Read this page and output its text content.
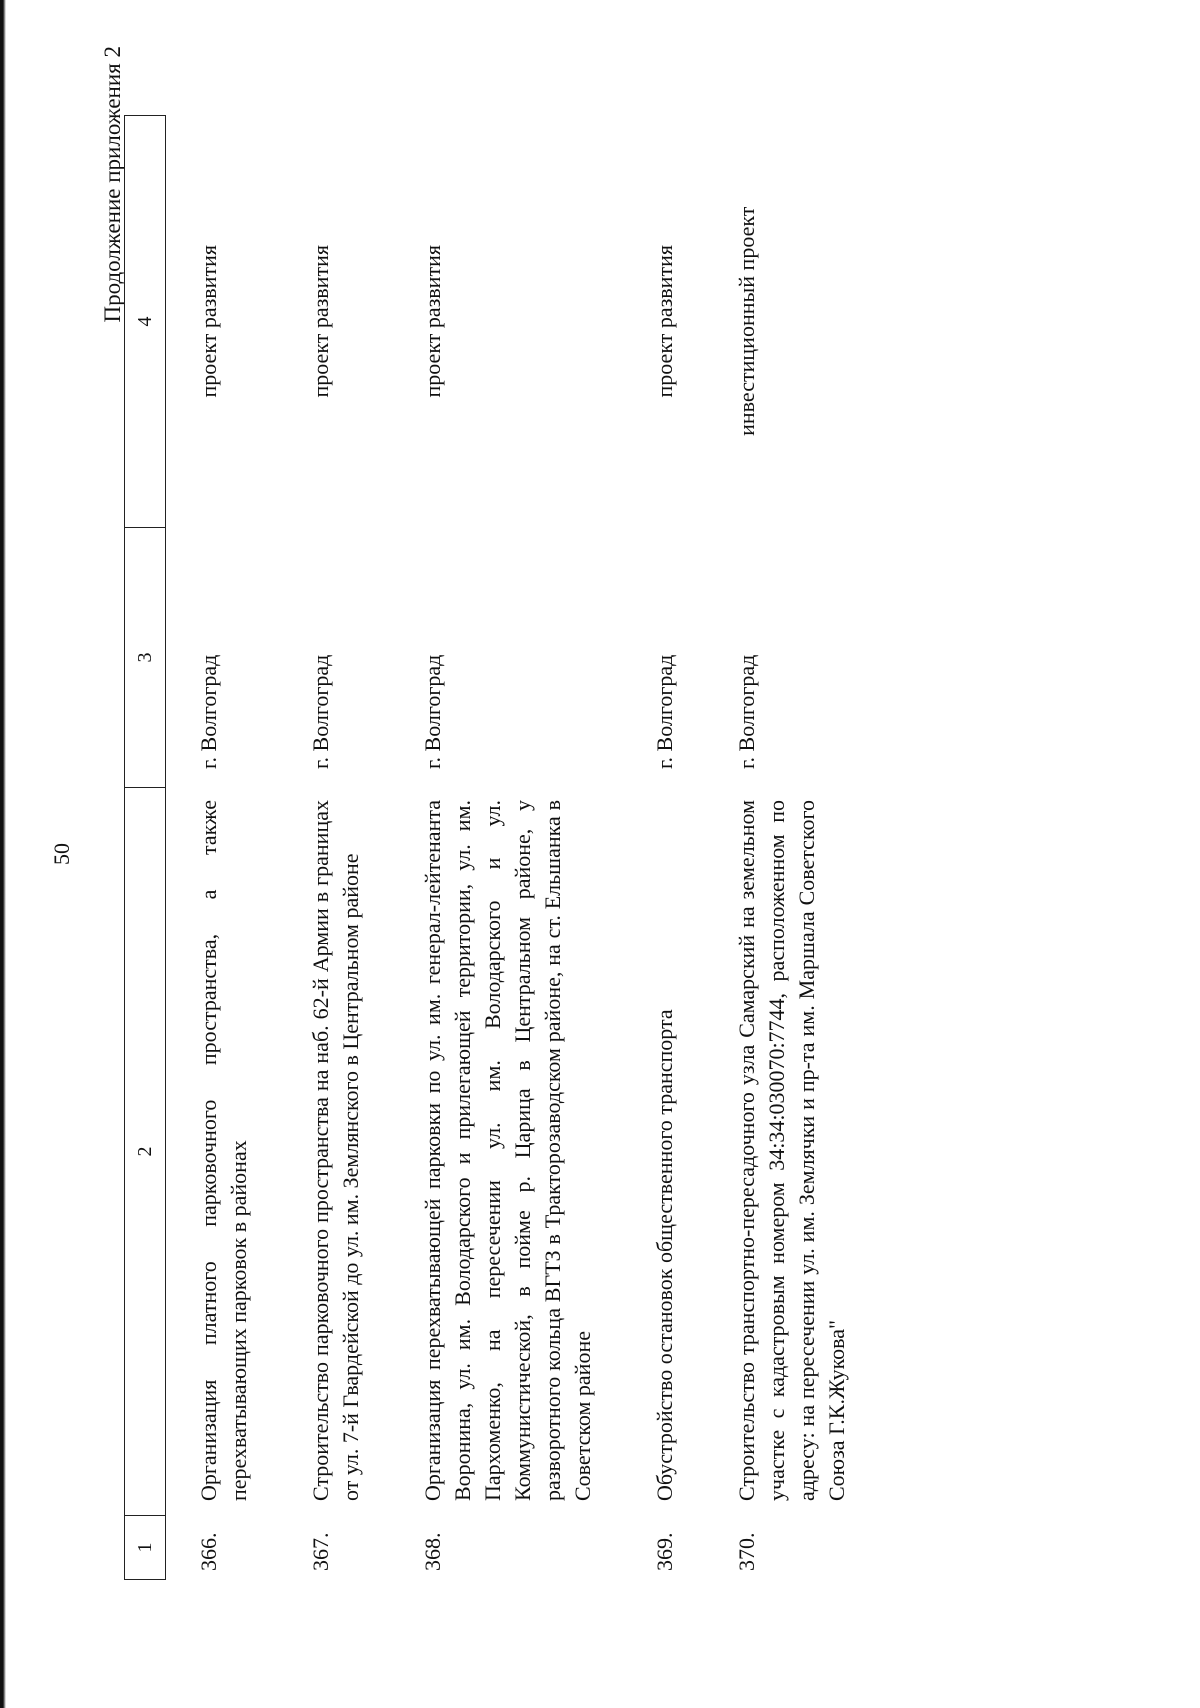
50
Продолжение приложения 2
1	2	3	4
366.	Организация платного парковочного пространства, а также перехватывающих парковок в районах	г. Волгоград	проект развития
367.	Строительство парковочного пространства на наб. 62-й Армии в границах от ул. 7-й Гвардейской до ул. им. Землянского в Центральном районе	г. Волгоград	проект развития
368.	Организация перехватывающей парковки по ул. им. генерал-лейтенанта Воронина, ул. им. Володарского и прилегающей территории, ул. им. Пархоменко, на пересечении ул. им. Володарского и ул. Коммунистической, в пойме р. Царица в Центральном районе, у разворотного кольца ВГТЗ в Тракторозаводском районе, на ст. Ельшанка в Советском районе	г. Волгоград	проект развития
369.	Обустройство остановок общественного транспорта	г. Волгоград	проект развития
370.	Строительство транспортно-пересадочного узла Самарский на земельном участке с кадастровым номером 34:34:030070:7744, расположенном по адресу: на пересечении ул. им. Землячки и пр-та им. Маршала Советского Союза Г.К.Жукова"	г. Волгоград	инвестиционный проект
